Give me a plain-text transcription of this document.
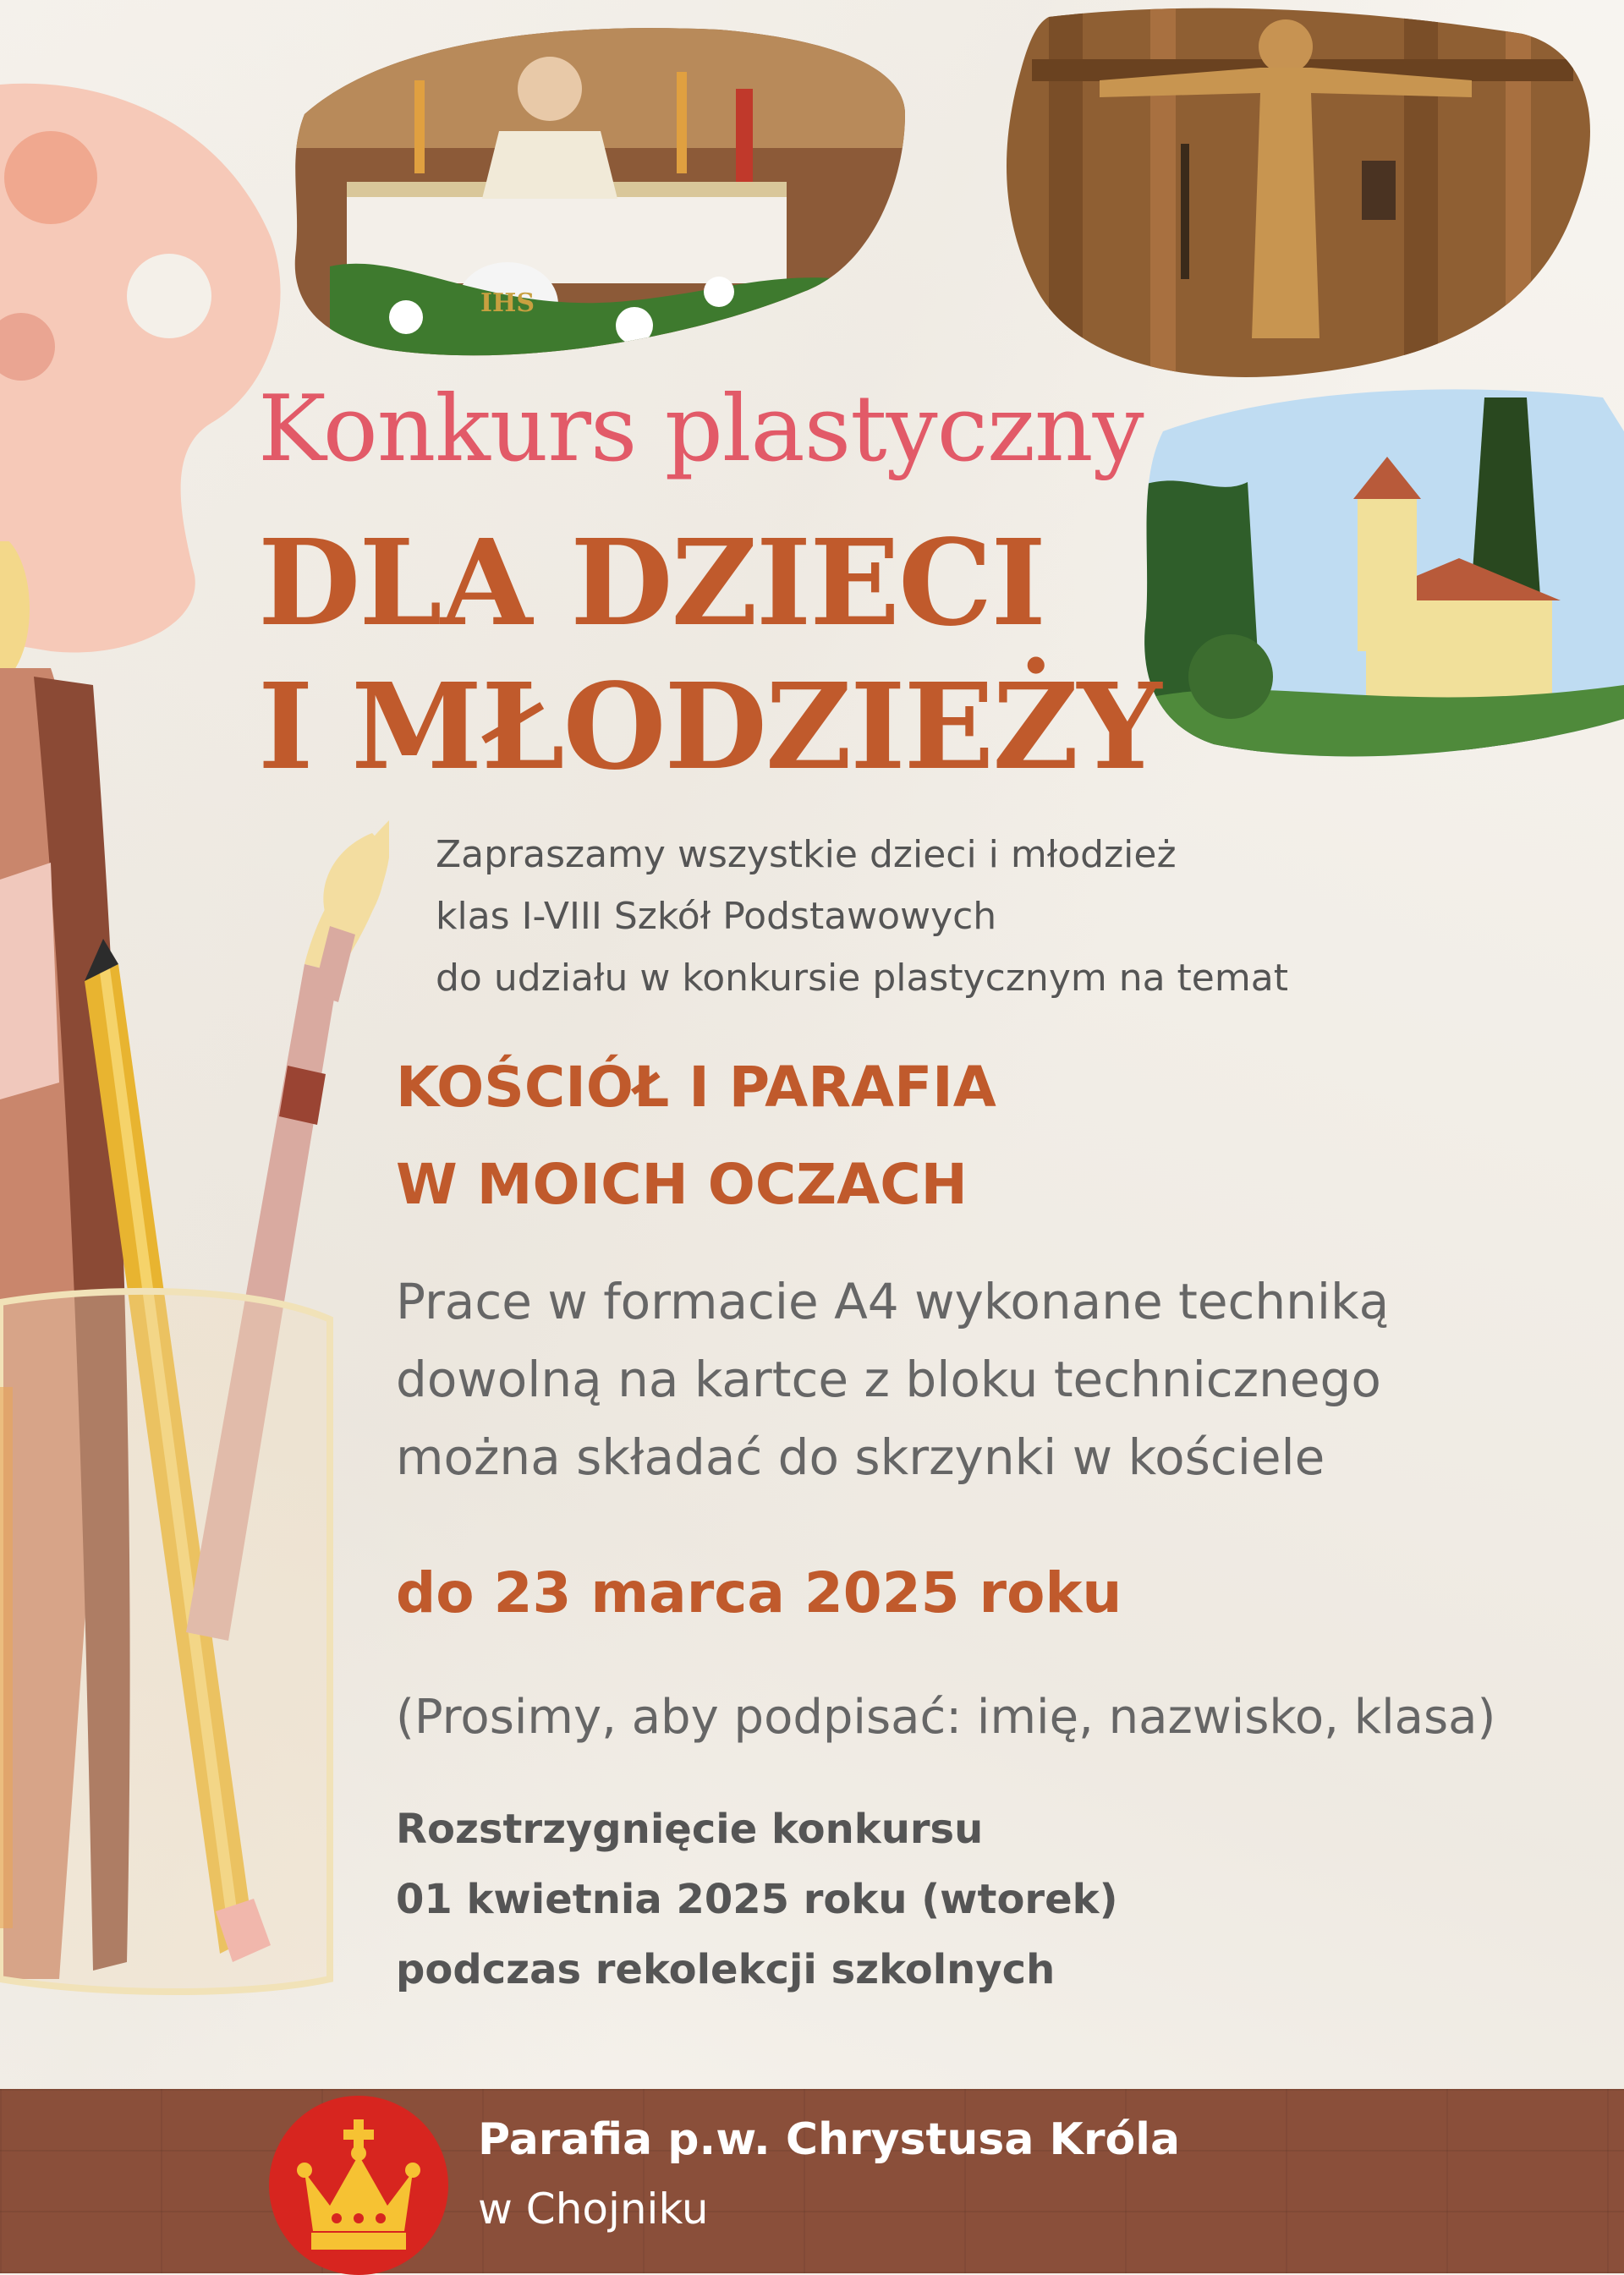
IHS
Konkurs plastyczny
DLA DZIECI
I MŁODZIEŻY
Zapraszamy wszystkie dzieci i młodzież
klas I-VIII Szkół Podstawowych
do udziału w konkursie plastycznym na temat
KOŚCIÓŁ I PARAFIA
W MOICH OCZACH
Prace w formacie A4 wykonane techniką
dowolną na kartce z bloku technicznego
można składać do skrzynki w kościele
do 23 marca 2025 roku
(Prosimy, aby podpisać: imię, nazwisko, klasa)
Rozstrzygnięcie konkursu
01 kwietnia 2025 roku (wtorek)
podczas rekolekcji szkolnych
Parafia p.w. Chrystusa Króla
w Chojniku
